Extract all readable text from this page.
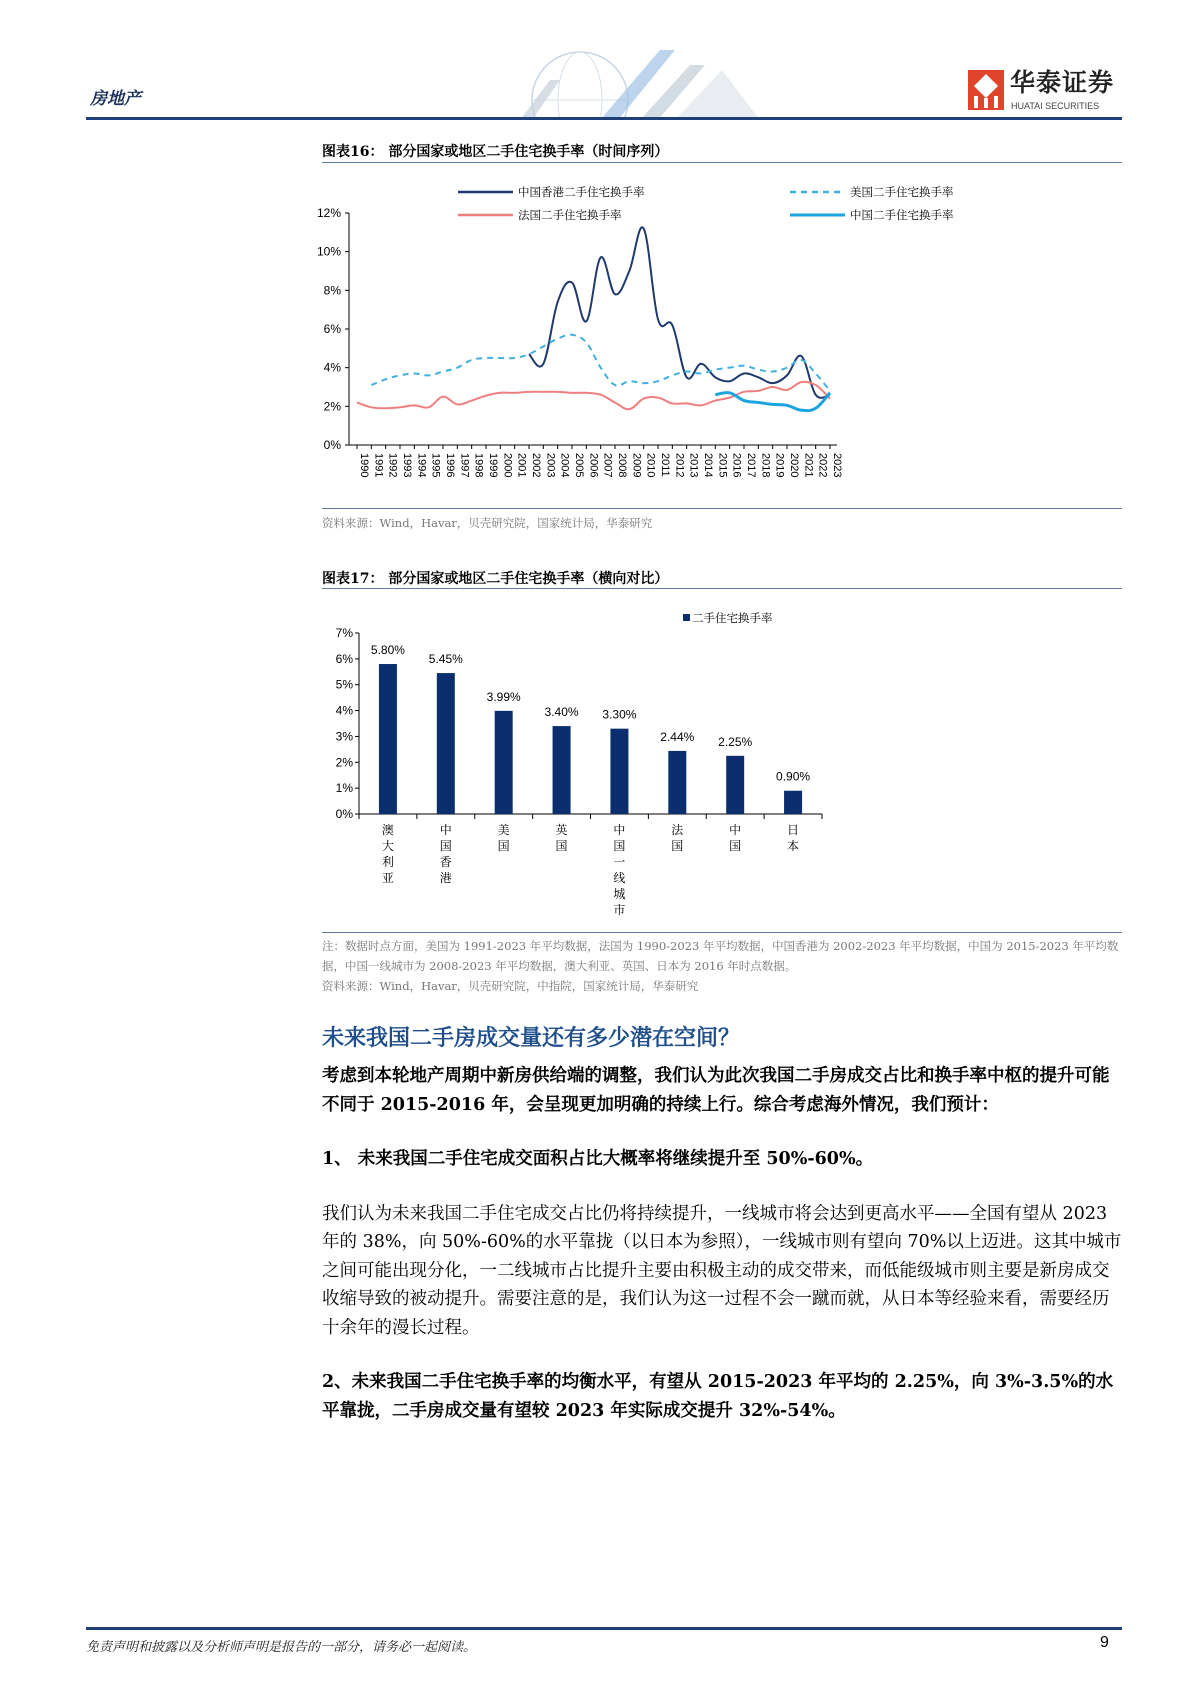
房地产
华泰证券
HUATAI SECURITIES
图表16： 部分国家或地区二手住宅换手率（时间序列）
0%
2%
4%
6%
8%
10%
12%
1990 1991 1992 1993 1994 1995 1996 1997 1998 1999 2000 2001 2002 2003 2004 2005 2006 2007 2008 2009 2010 2011 2012 2013 2014 2015 2016 2017 2018 2019 2020 2021 2022 2023
中国香港二手住宅换手率	美国二手住宅换手率
法国二手住宅换手率	中国二手住宅换手率
资料来源：Wind，Havar，贝壳研究院，国家统计局，华泰研究
图表17： 部分国家或地区二手住宅换手率（横向对比）
二手住宅换手率
0%
1%
2%
3%
4%
5%
6%
7%
5.80%
澳
大
利
亚
5.45%
中
国
香
港
3.99%
美
国
3.40%
英
国
3.30%
中
国
一
线
城
市
2.44%
法
国
2.25%
中
国
0.90%
日
本
注：数据时点方面，美国为 1991-2023 年平均数据，法国为 1990-2023 年平均数据，中国香港为 2002-2023 年平均数据，中国为 2015-2023 年平均数据，中国一线城市为 2008-2023 年平均数据，澳大利亚、英国、日本为 2016 年时点数据。
资料来源：Wind，Havar，贝壳研究院，中指院，国家统计局，华泰研究
未来我国二手房成交量还有多少潜在空间？
考虑到本轮地产周期中新房供给端的调整，我们认为此次我国二手房成交占比和换手率中枢的提升可能不同于 2015-2016 年，会呈现更加明确的持续上行。综合考虑海外情况，我们预计：
1、 未来我国二手住宅成交面积占比大概率将继续提升至 50%-60%。
我们认为未来我国二手住宅成交占比仍将持续提升，一线城市将会达到更高水平——全国有望从 2023 年的 38%，向 50%-60%的水平靠拢（以日本为参照），一线城市则有望向 70%以上迈进。这其中城市之间可能出现分化，一二线城市占比提升主要由积极主动的成交带来，而低能级城市则主要是新房成交收缩导致的被动提升。需要注意的是，我们认为这一过程不会一蹴而就，从日本等经验来看，需要经历十余年的漫长过程。
2、未来我国二手住宅换手率的均衡水平，有望从 2015-2023 年平均的 2.25%，向 3%-3.5%的水平靠拢，二手房成交量有望较 2023 年实际成交提升 32%-54%。
免责声明和披露以及分析师声明是报告的一部分，请务必一起阅读。	9
